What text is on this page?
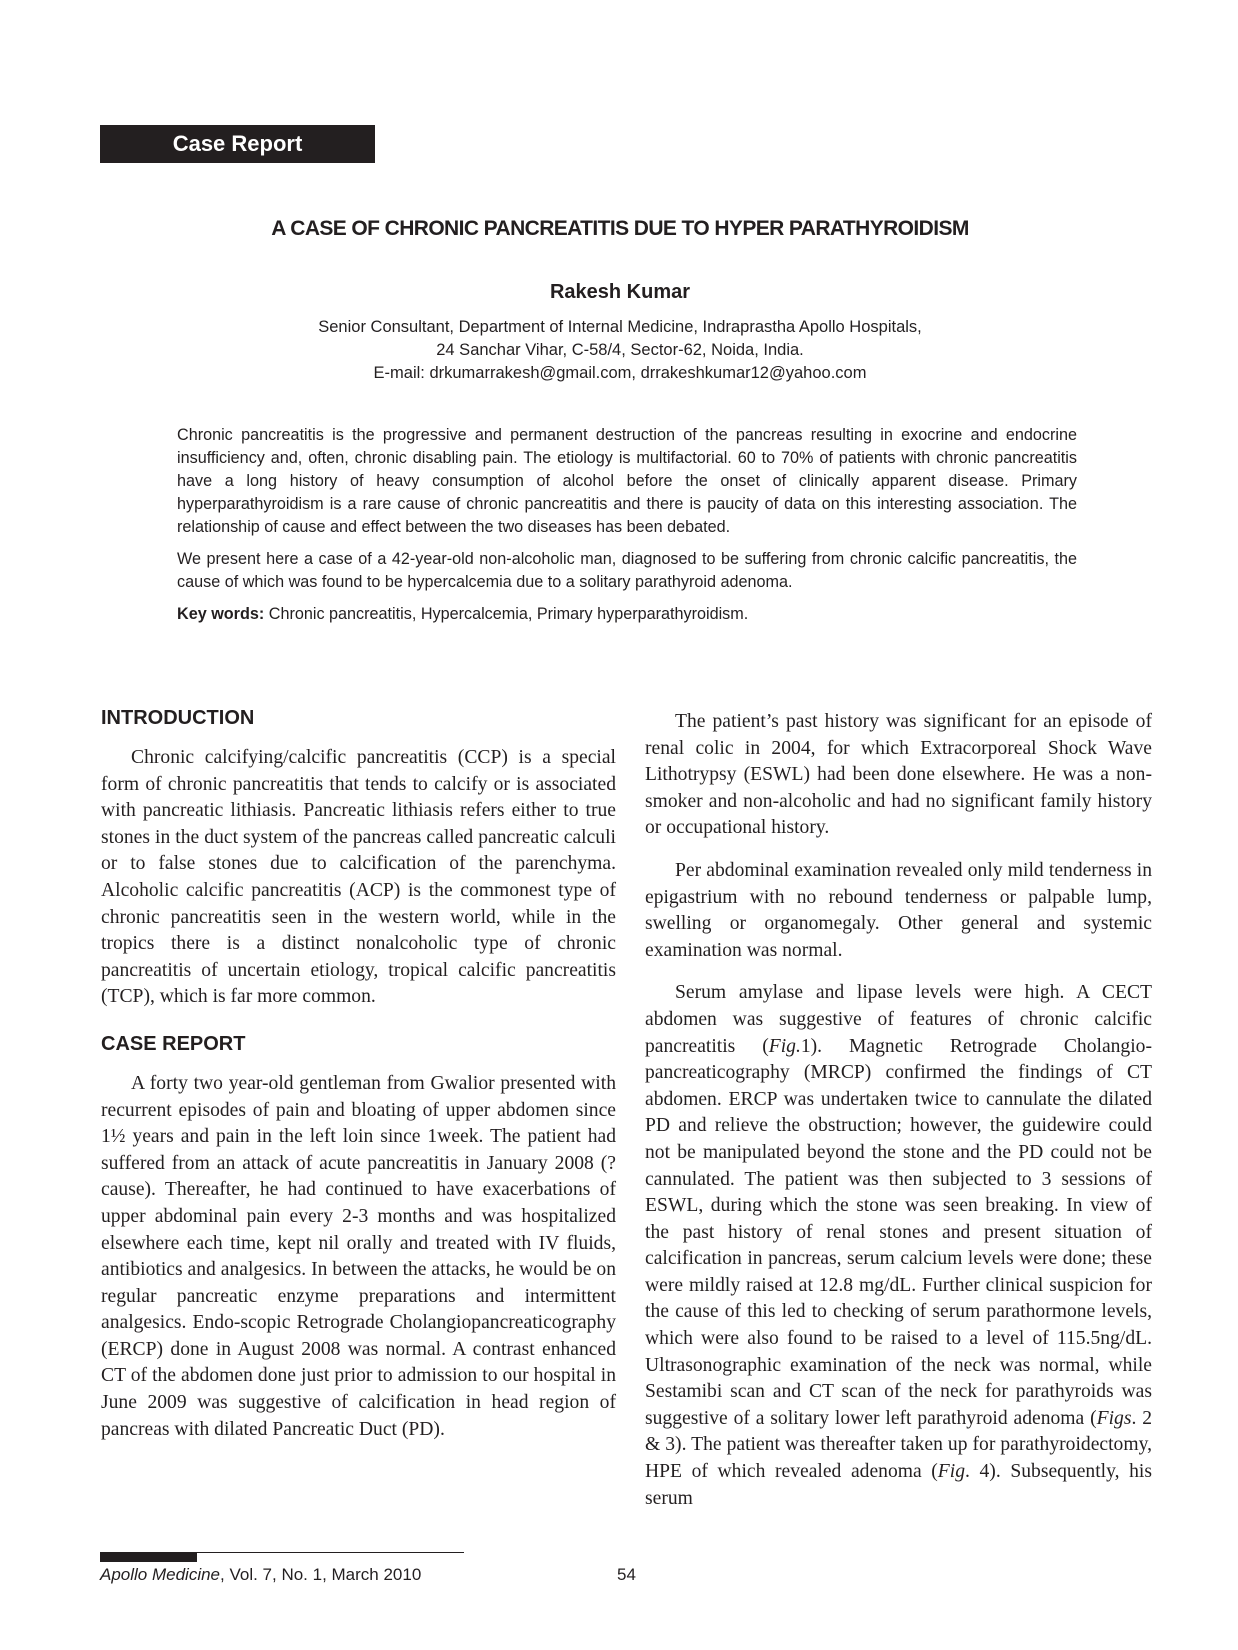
Case Report
A CASE OF CHRONIC PANCREATITIS DUE TO HYPER PARATHYROIDISM
Rakesh Kumar
Senior Consultant, Department of Internal Medicine, Indraprastha Apollo Hospitals,
24 Sanchar Vihar, C-58/4, Sector-62, Noida, India.
E-mail: drkumarrakesh@gmail.com, drrakeshkumar12@yahoo.com

Chronic pancreatitis is the progressive and permanent destruction of the pancreas resulting in exocrine and endocrine insufficiency and, often, chronic disabling pain. The etiology is multifactorial. 60 to 70% of patients with chronic pancreatitis have a long history of heavy consumption of alcohol before the onset of clinically apparent disease. Primary hyperparathyroidism is a rare cause of chronic pancreatitis and there is paucity of data on this interesting association. The relationship of cause and effect between the two diseases has been debated.

We present here a case of a 42-year-old non-alcoholic man, diagnosed to be suffering from chronic calcific pancreatitis, the cause of which was found to be hypercalcemia due to a solitary parathyroid adenoma.

Key words: Chronic pancreatitis, Hypercalcemia, Primary hyperparathyroidism.

INTRODUCTION

Chronic calcifying/calcific pancreatitis (CCP) is a special form of chronic pancreatitis that tends to calcify or is associated with pancreatic lithiasis. Pancreatic lithiasis refers either to true stones in the duct system of the pancreas called pancreatic calculi or to false stones due to calcification of the parenchyma. Alcoholic calcific pancreatitis (ACP) is the commonest type of chronic pancreatitis seen in the western world, while in the tropics there is a distinct nonalcoholic type of chronic pancreatitis of uncertain etiology, tropical calcific pancreatitis (TCP), which is far more common.

CASE REPORT

A forty two year-old gentleman from Gwalior presented with recurrent episodes of pain and bloating of upper abdomen since 1½ years and pain in the left loin since 1week. The patient had suffered from an attack of acute pancreatitis in January 2008 (?cause). Thereafter, he had continued to have exacerbations of upper abdominal pain every 2-3 months and was hospitalized elsewhere each time, kept nil orally and treated with IV fluids, antibiotics and analgesics. In between the attacks, he would be on regular pancreatic enzyme preparations and intermittent analgesics. Endo-scopic Retrograde Cholangiopancreaticography (ERCP) done in August 2008 was normal. A contrast enhanced CT of the abdomen done just prior to admission to our hospital in June 2009 was suggestive of calcification in head region of pancreas with dilated Pancreatic Duct (PD).

The patient’s past history was significant for an episode of renal colic in 2004, for which Extracorporeal Shock Wave Lithotrypsy (ESWL) had been done elsewhere. He was a non-smoker and non-alcoholic and had no significant family history or occupational history.

Per abdominal examination revealed only mild tenderness in epigastrium with no rebound tenderness or palpable lump, swelling or organomegaly. Other general and systemic examination was normal.

Serum amylase and lipase levels were high. A CECT abdomen was suggestive of features of chronic calcific pancreatitis (Fig.1). Magnetic Retrograde Cholangio-pancreaticography (MRCP) confirmed the findings of CT abdomen. ERCP was undertaken twice to cannulate the dilated PD and relieve the obstruction; however, the guidewire could not be manipulated beyond the stone and the PD could not be cannulated. The patient was then subjected to 3 sessions of ESWL, during which the stone was seen breaking. In view of the past history of renal stones and present situation of calcification in pancreas, serum calcium levels were done; these were mildly raised at 12.8 mg/dL. Further clinical suspicion for the cause of this led to checking of serum parathormone levels, which were also found to be raised to a level of 115.5ng/dL. Ultrasonographic examination of the neck was normal, while Sestamibi scan and CT scan of the neck for parathyroids was suggestive of a solitary lower left parathyroid adenoma (Figs. 2 & 3). The patient was thereafter taken up for parathyroidectomy, HPE of which revealed adenoma (Fig. 4). Subsequently, his serum

Apollo Medicine, Vol. 7, No. 1, March 2010	54
